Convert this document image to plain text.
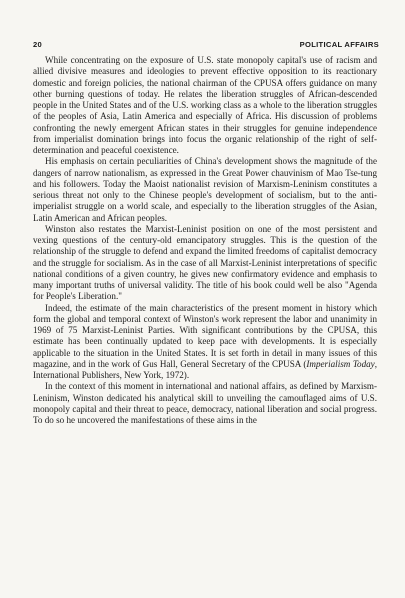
20	POLITICAL AFFAIRS

While concentrating on the exposure of U.S. state monopoly capital's use of racism and allied divisive measures and ideologies to prevent effective opposition to its reactionary domestic and foreign policies, the national chairman of the CPUSA offers guidance on many other burning questions of today. He relates the liberation struggles of African-descended people in the United States and of the U.S. working class as a whole to the liberation struggles of the peoples of Asia, Latin America and especially of Africa. His discussion of problems confronting the newly emergent African states in their struggles for genuine independence from imperialist domination brings into focus the organic relationship of the right of self-determination and peaceful coexistence.

His emphasis on certain peculiarities of China's development shows the magnitude of the dangers of narrow nationalism, as expressed in the Great Power chauvinism of Mao Tse-tung and his followers. Today the Maoist nationalist revision of Marxism-Leninism constitutes a serious threat not only to the Chinese people's development of socialism, but to the anti-imperialist struggle on a world scale, and especially to the liberation struggles of the Asian, Latin American and African peoples.

Winston also restates the Marxist-Leninist position on one of the most persistent and vexing questions of the century-old emancipatory struggles. This is the question of the relationship of the struggle to defend and expand the limited freedoms of capitalist democracy and the struggle for socialism. As in the case of all Marxist-Leninist interpretations of specific national conditions of a given country, he gives new confirmatory evidence and emphasis to many important truths of universal validity. The title of his book could well be also "Agenda for People's Liberation."

Indeed, the estimate of the main characteristics of the present moment in history which form the global and temporal context of Winston's work represent the labor and unanimity in 1969 of 75 Marxist-Leninist Parties. With significant contributions by the CPUSA, this estimate has been continually updated to keep pace with developments. It is especially applicable to the situation in the United States. It is set forth in detail in many issues of this magazine, and in the work of Gus Hall, General Secretary of the CPUSA (Imperialism Today, International Publishers, New York, 1972).

In the context of this moment in international and national affairs, as defined by Marxism-Leninism, Winston dedicated his analytical skill to unveiling the camouflaged aims of U.S. monopoly capital and their threat to peace, democracy, national liberation and social progress. To do so he uncovered the manifestations of these aims in the
